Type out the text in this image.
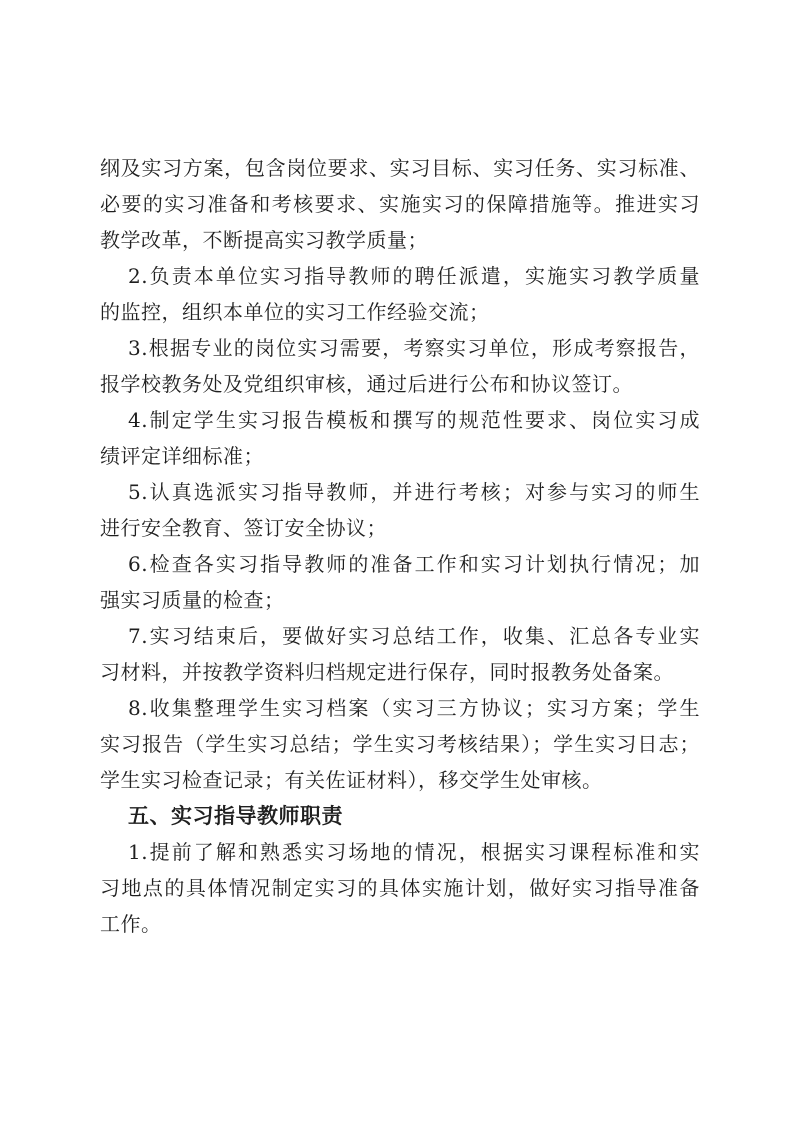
纲及实习方案，包含岗位要求、实习目标、实习任务、实习标准、
必要的实习准备和考核要求、实施实习的保障措施等。推进实习
教学改革，不断提高实习教学质量；
2.负责本单位实习指导教师的聘任派遣，实施实习教学质量
的监控，组织本单位的实习工作经验交流；
3.根据专业的岗位实习需要，考察实习单位，形成考察报告，
报学校教务处及党组织审核，通过后进行公布和协议签订。
4.制定学生实习报告模板和撰写的规范性要求、岗位实习成
绩评定详细标准；
5.认真选派实习指导教师，并进行考核；对参与实习的师生
进行安全教育、签订安全协议；
6.检查各实习指导教师的准备工作和实习计划执行情况；加
强实习质量的检查；
7.实习结束后，要做好实习总结工作，收集、汇总各专业实
习材料，并按教学资料归档规定进行保存，同时报教务处备案。
8.收集整理学生实习档案（实习三方协议；实习方案；学生
实习报告（学生实习总结；学生实习考核结果）；学生实习日志；
学生实习检查记录；有关佐证材料），移交学生处审核。
五、实习指导教师职责
1.提前了解和熟悉实习场地的情况，根据实习课程标准和实
习地点的具体情况制定实习的具体实施计划，做好实习指导准备
工作。
